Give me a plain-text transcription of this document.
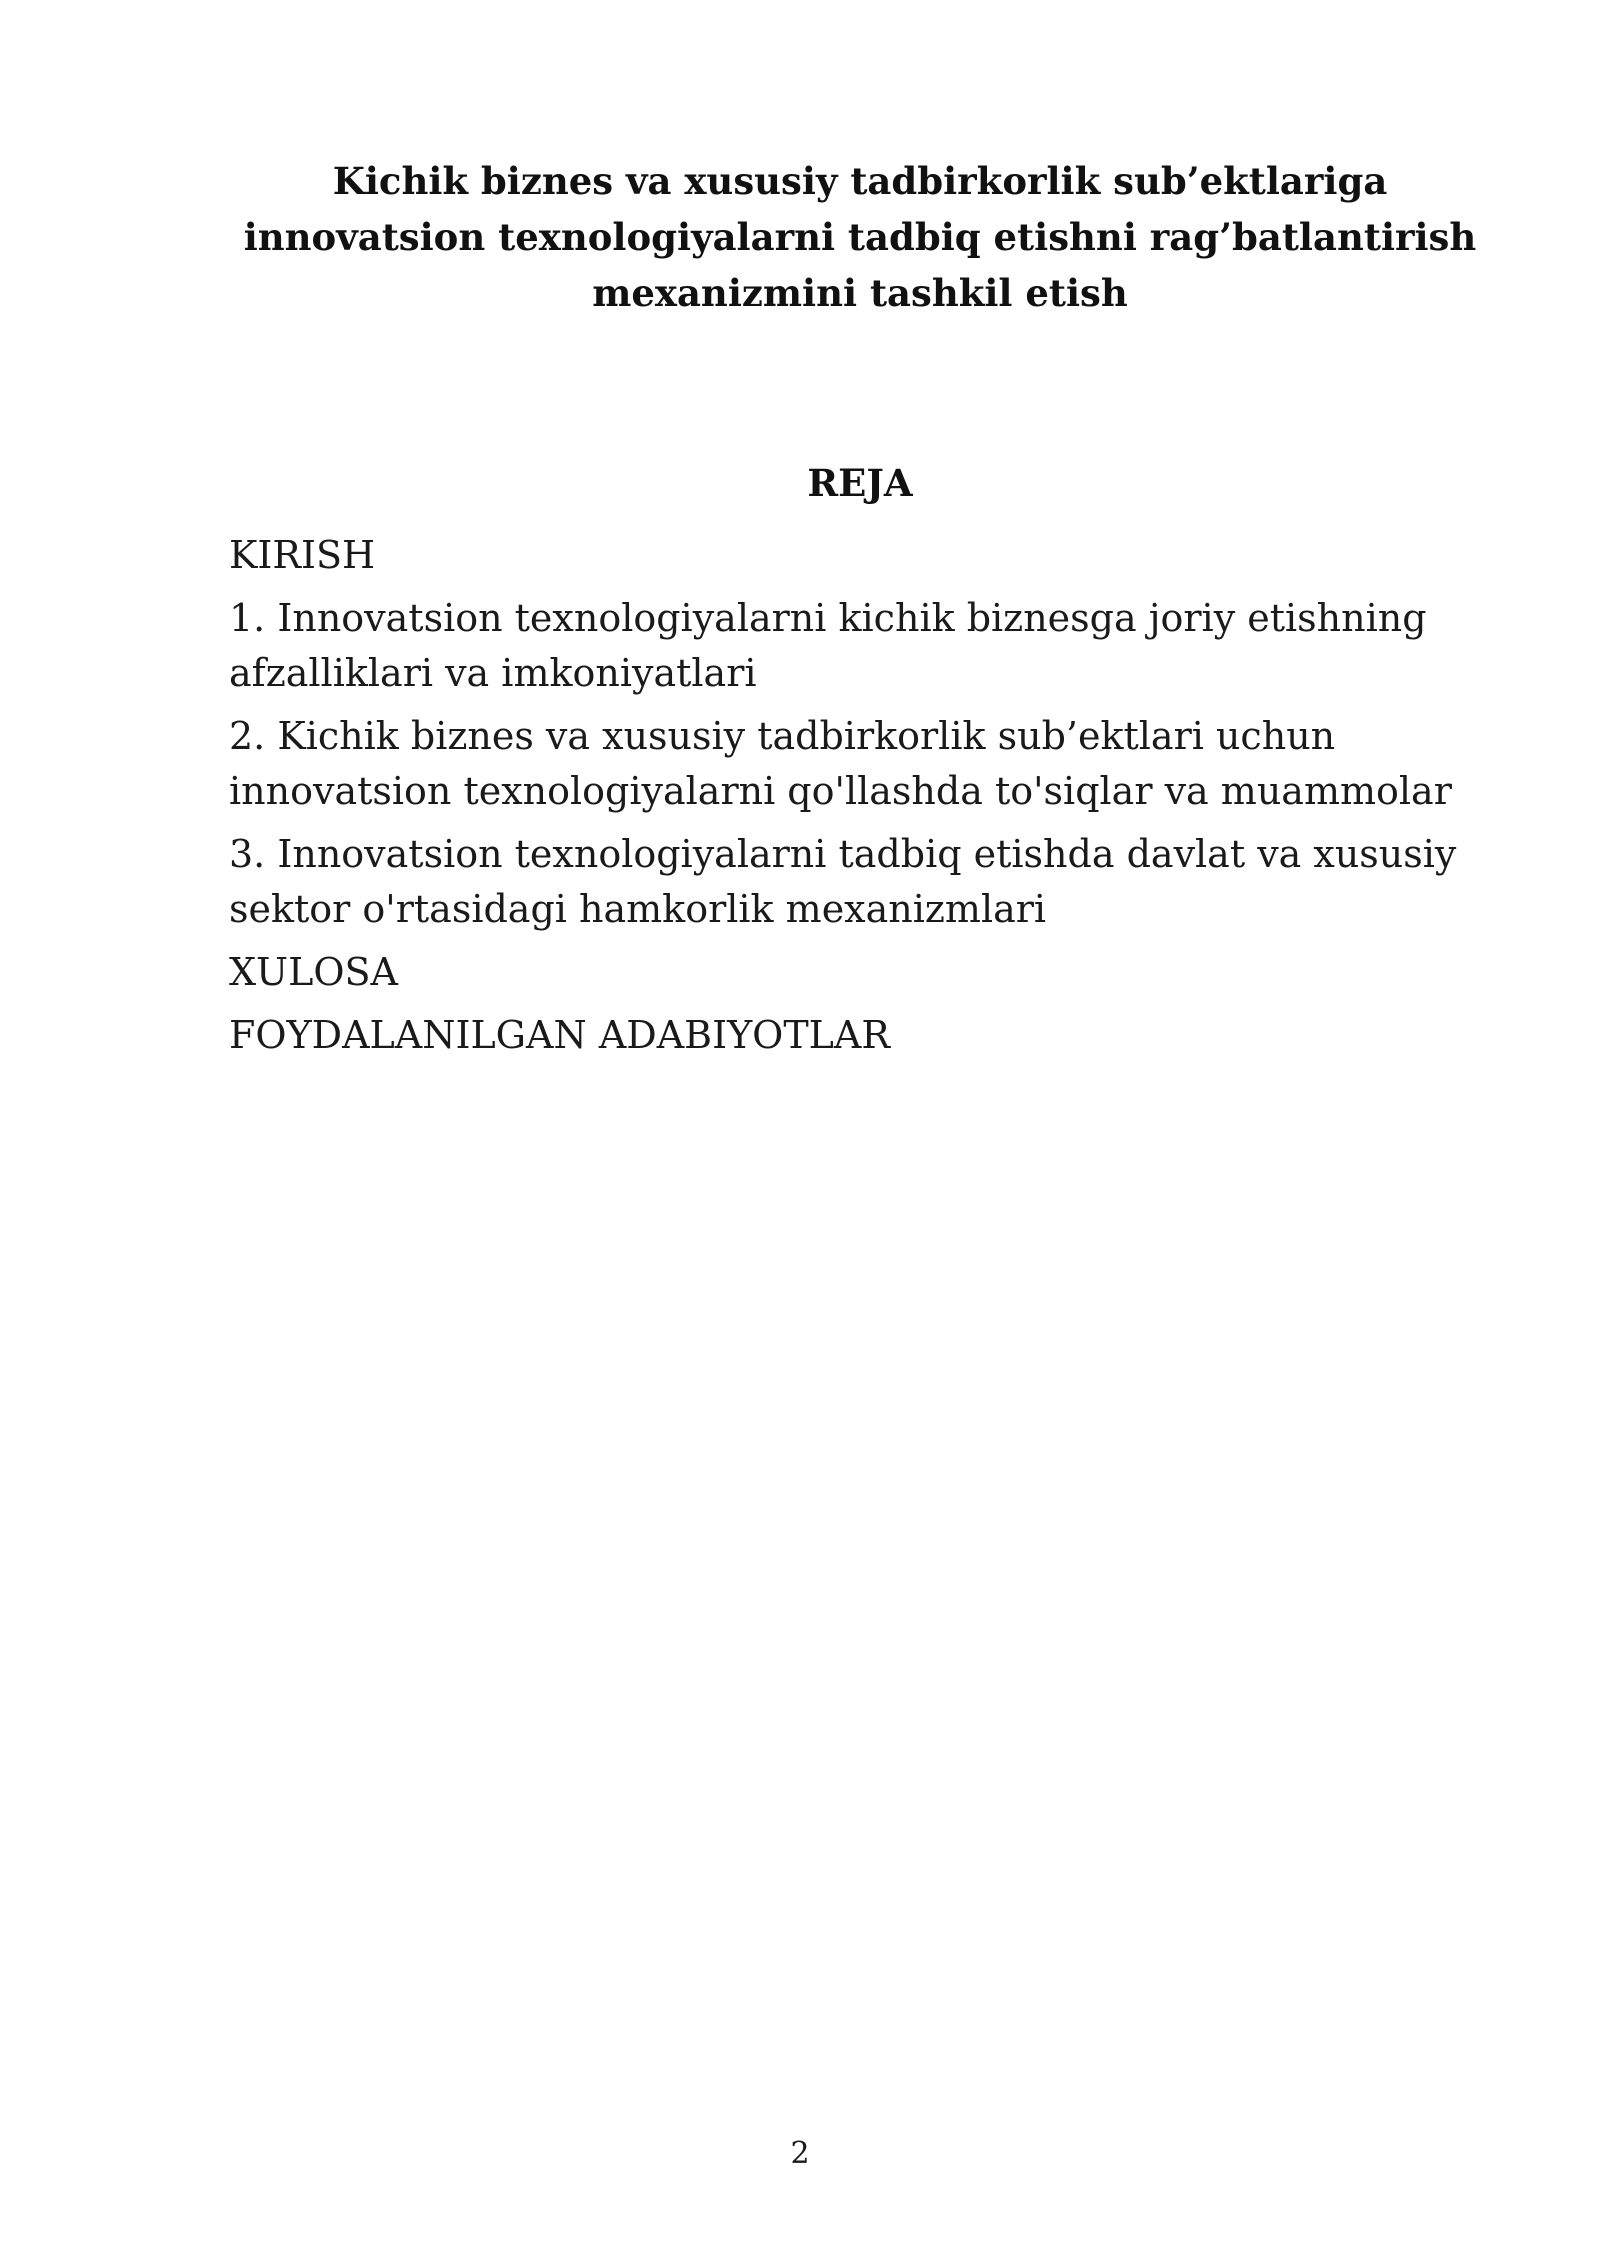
Kichik biznes va xususiy tadbirkorlik sub’ektlariga innovatsion texnologiyalarni tadbiq etishni rag’batlantirish mexanizmini tashkil etish
REJA
KIRISH
1. Innovatsion texnologiyalarni kichik biznesga joriy etishning afzalliklari va imkoniyatlari
2. Kichik biznes va xususiy tadbirkorlik sub’ektlari uchun innovatsion texnologiyalarni qo'llashda to'siqlar va muammolar
3. Innovatsion texnologiyalarni tadbiq etishda davlat va xususiy sektor o'rtasidagi hamkorlik mexanizmlari
XULOSA
FOYDALANILGAN ADABIYOTLAR
2
